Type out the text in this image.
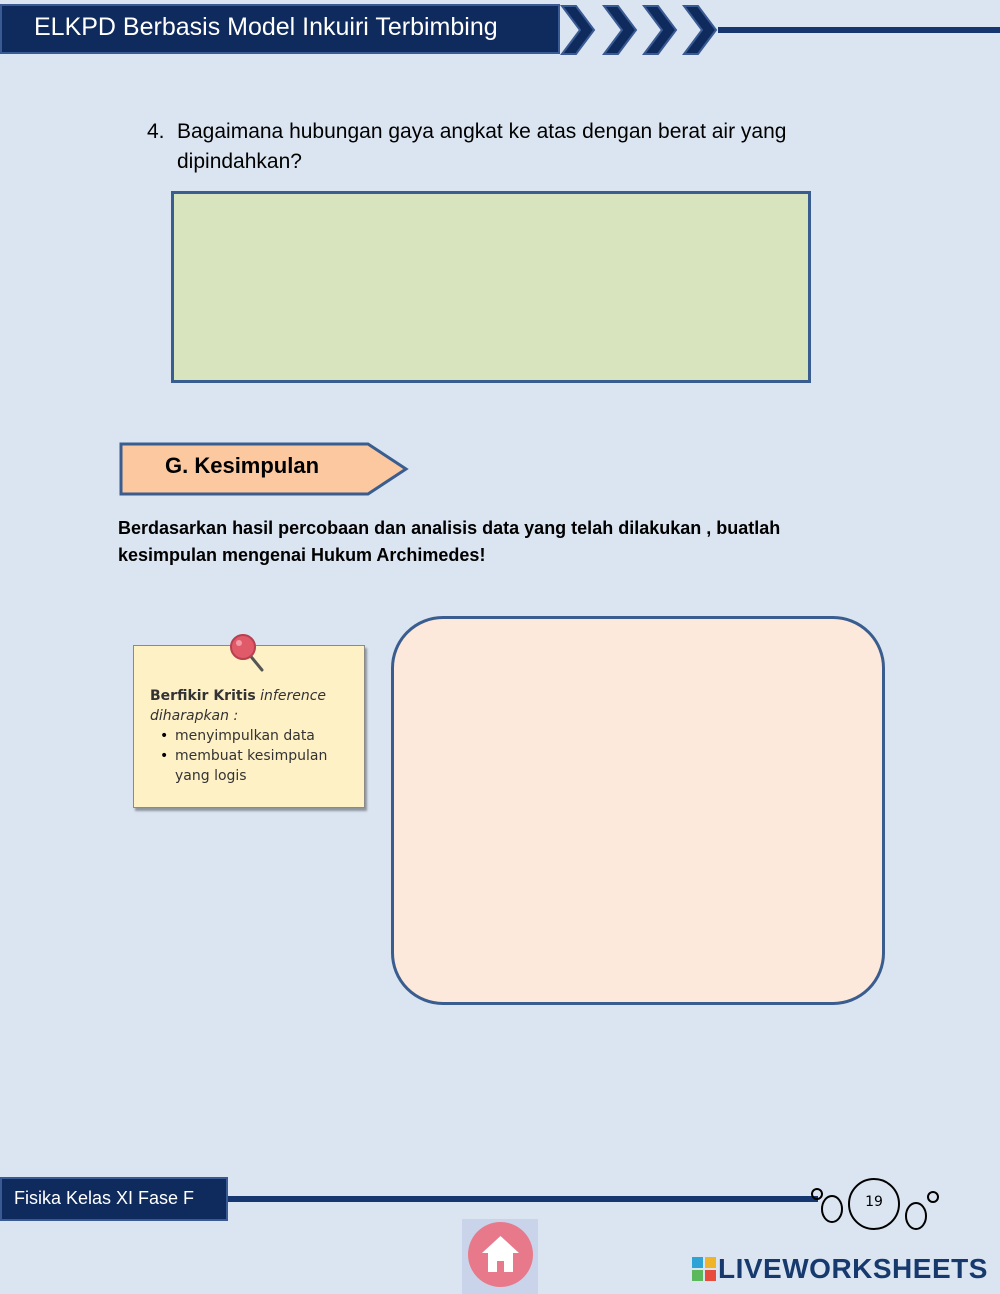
ELKPD Berbasis Model Inkuiri Terbimbing
4. Bagaimana hubungan gaya angkat ke atas dengan berat air yang dipindahkan?
G. Kesimpulan
Berdasarkan hasil percobaan dan analisis data yang telah dilakukan , buatlah
kesimpulan mengenai Hukum Archimedes!
Berfikir Kritis inference
diharapkan :
• menyimpulkan data
• membuat kesimpulan yang logis
Fisika Kelas XI Fase F	19
LIVEWORKSHEETS
